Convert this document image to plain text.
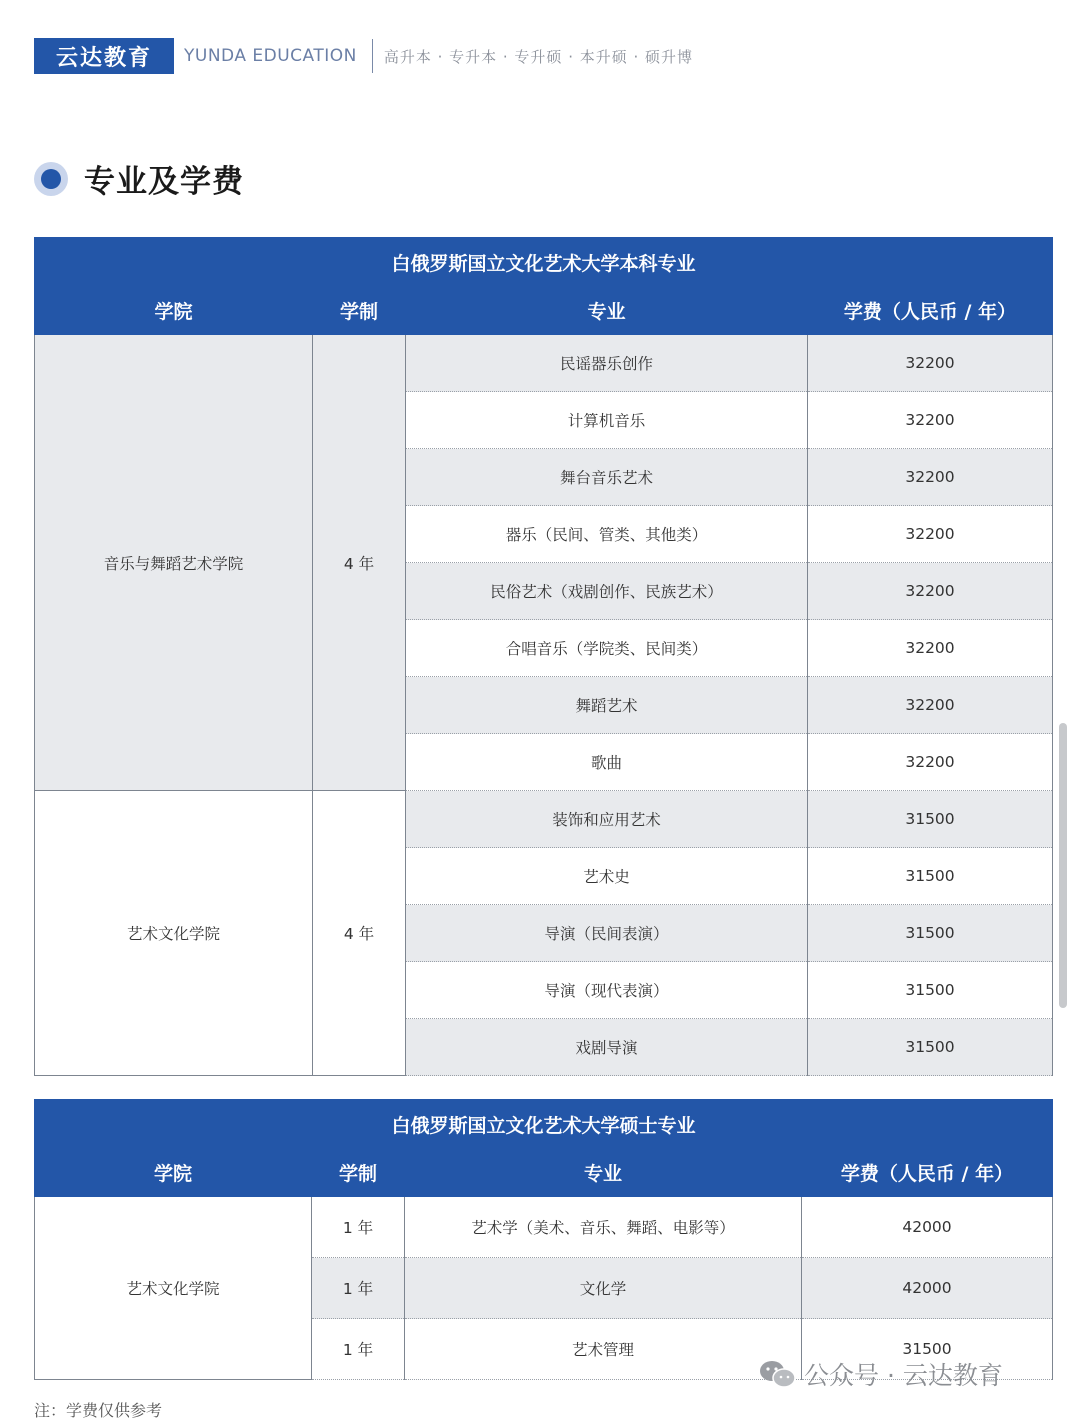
云达教育	YUNDA EDUCATION 高升本 · 专升本 · 专升硕 · 本升硕 · 硕升博
专业及学费
白俄罗斯国立文化艺术大学本科专业			
学院	学制	专业	学费（人民币 / 年）
音乐与舞蹈艺术学院	4 年	民谣器乐创作	32200
		计算机音乐	32200
		舞台音乐艺术	32200
		器乐（民间、管类、其他类）	32200
		民俗艺术（戏剧创作、民族艺术）	32200
		合唱音乐（学院类、民间类）	32200
		舞蹈艺术	32200
		歌曲	32200
艺术文化学院	4 年	装饰和应用艺术	31500
		艺术史	31500
		导演（民间表演）	31500
		导演（现代表演）	31500
		戏剧导演	31500
白俄罗斯国立文化艺术大学硕士专业			
学院	学制	专业	学费（人民币 / 年）
艺术文化学院	1 年	艺术学（美术、音乐、舞蹈、电影等）	42000
	1 年	文化学	42000
	1 年	艺术管理	31500
公众号 · 云达教育
注：学费仅供参考
